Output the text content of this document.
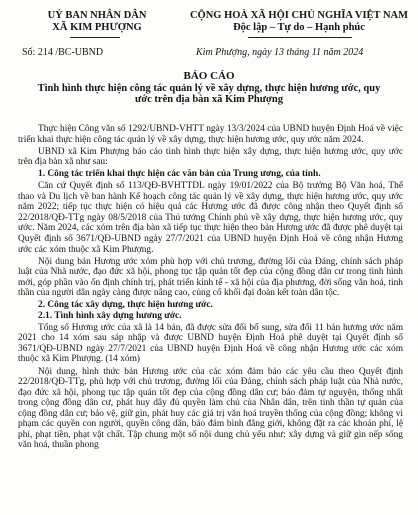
UỶ BAN NHÂN DÂN
XÃ KIM PHƯỢNG
CỘNG HOÀ XÃ HỘI CHỦ NGHĨA VIỆT NAM
Độc lập – Tự do – Hạnh phúc
Số: 214 /BC-UBND	Kim Phượng, ngày 13 tháng 11 năm 2024
BÁO CÁO
Tình hình thực hiện công tác quản lý về xây dựng, thực hiện hương ước, quy ước trên địa bàn xã Kim Phượng

Thực hiện Công văn số 1292/UBND-VHTT ngày 13/3/2024 của UBND huyện Định Hoá về việc triển khai thực hiện công tác quản lý về xây dựng, thực hiện hương ước, quy ước năm 2024.

UBND xã Kim Phượng báo cáo tình hình thực hiện xây dựng, thực hiện hương ước, quy ước trên địa bàn xã như sau:

1. Công tác triển khai thực hiện các văn bản của Trung ương, của tỉnh.

Căn cứ Quyết định số 113/QĐ-BVHTTDL ngày 19/01/2022 của Bộ trưởng Bộ Văn hoá, Thể thao và Du lịch về ban hành Kế hoạch công tác quản lý về xây dựng, thực hiện hương ước, quy ước năm 2022; tiếp tục thực hiện có hiệu quả các Hương ước đã được công nhận theo Quyết định số 22/2018/QĐ-TTg ngày 08/5/2018 của Thủ tướng Chính phủ về xây dựng, thực hiện hương ước, quy ước. Năm 2024, các xóm trên địa bàn xã tiếp tục thực hiện theo bản Hương ước đã được phê duyệt tại Quyết định số 3671/QĐ-UBND ngày 27/7/2021 của UBND huyện Định Hoá về công nhận Hương ước các xóm thuộc xã Kim Phượng.

Nội dung bản Hương ước xóm phù hợp với chủ trương, đường lối của Đảng, chính sách pháp luật của Nhà nước, đạo đức xã hội, phong tục tập quán tốt đẹp của cộng đồng dân cư trong tình hình mới, góp phần vào ổn định chính trị, phát triển kinh tế - xã hội của địa phương, đời sống văn hoá, tinh thần của người dân ngày càng được nâng cao, củng cố khối đại đoàn kết toàn dân tộc.

2. Công tác xây dựng, thực hiện hương ước.

2.1. Tình hình xây dựng hương ước.

Tổng số Hương ước của xã là 14 bản, đã được sửa đổi bổ sung, sửa đổi 11 bản hương ước năm 2021 cho 14 xóm sau sáp nhập và được UBND huyện Định Hoá phê duyệt tại Quyết định số 3671/QĐ-UBND ngày 27/7/2021 của UBND huyện Định Hoá về công nhận Hương ước các xóm thuộc xã Kim Phượng. (14 xóm)

Nội dung, hình thức bản Hương ước của các xóm đảm bảo các yêu cầu theo Quyết định 22/2018/QĐ-TTg, phù hợp với chủ trương, đường lối của Đảng, chính sách pháp luật của Nhà nước, đạo đức xã hội, phong tục tập quán tốt đẹp của cộng đồng dân cư; bảo đảm tự nguyện, thống nhất trong cộng đồng dân cư, phát huy dây đủ quyền làm chủ của Nhân dân, trên tinh thần tự quản của cộng đồng dân cư; bảo vệ, giữ gìn, phát huy các giá trị văn hoá truyền thống của cộng đồng; không vi phạm các quyền con người, quyền công dân, bảo đảm bình đẳng giới, không đặt ra các khoản phí, lệ phí, phạt tiền, phạt vật chất. Tập chung một số nội dung chủ yếu như: xây dựng và giữ gìn nếp sống văn hoá, thuần phong
